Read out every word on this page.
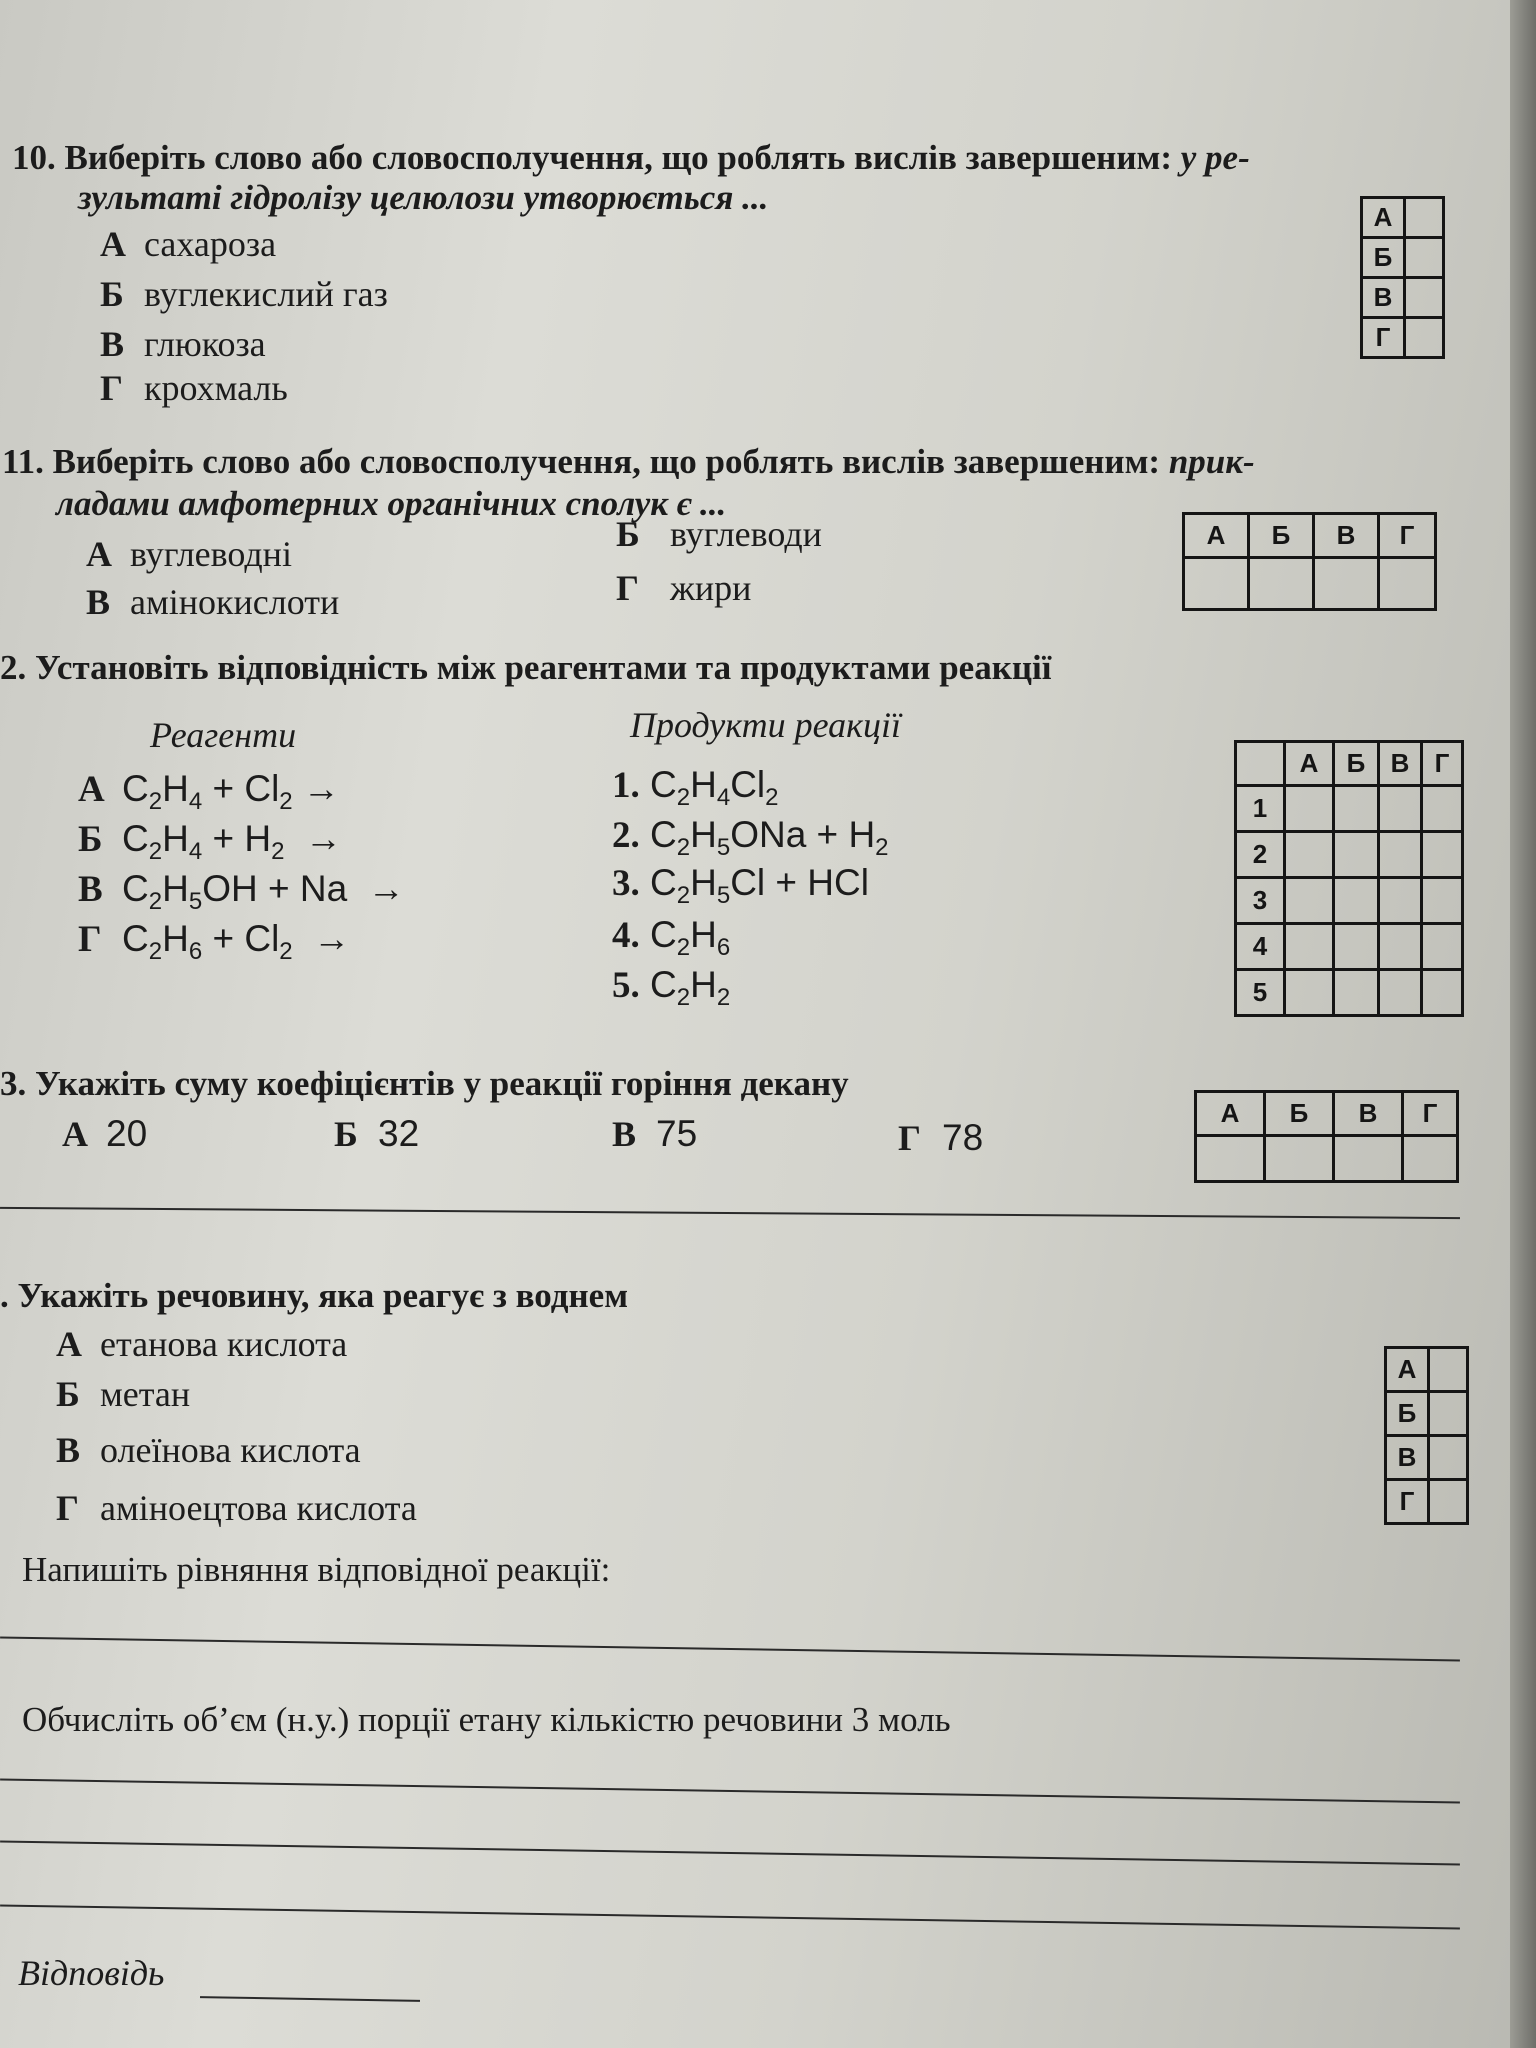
10. Виберіть слово або словосполучення, що роблять вислів завершеним: у ре-
зультаті гідролізу целюлози утворюється ...
А сахароза
Б вуглекислий газ
В глюкоза
Г крохмаль
А	
Б	
В	
Г	
11. Виберіть слово або словосполучення, що роблять вислів завершеним: прик-
ладами амфотерних органічних сполук є ...
А вуглеводні	Б вуглеводи
В амінокислоти	Г жири
А	Б	В	Г

2. Установіть відповідність між реагентами та продуктами реакції
Реагенти	Продукти реакції
А $C_2H_4 + Cl_2$ →
Б $C_2H_4 + H_2$  →
В $C_2H_5OH + Na$  →
Г $C_2H_6 + Cl_2$  →
1. $C_2H_4Cl_2$
2. $C_2H_5ONa + H_2$
3. $C_2H_5Cl$ + HCl
4. $C_2H_6$
5. $C_2H_2$
	А	Б	В	Г
1				
2				
3				
4				
5				
3. Укажіть суму коефіцієнтів у реакції горіння декану
А 20	Б 32	В 75	Г 78
А	Б	В	Г

. Укажіть речовину, яка реагує з воднем
А етанова кислота
Б метан
В олеїнова кислота
Г аміноецтова кислота
А	
Б	
В	
Г	
Напишіть рівняння відповідної реакції:
Обчисліть об’єм (н.у.) порції етану кількістю речовини 3 моль
Відповідь
